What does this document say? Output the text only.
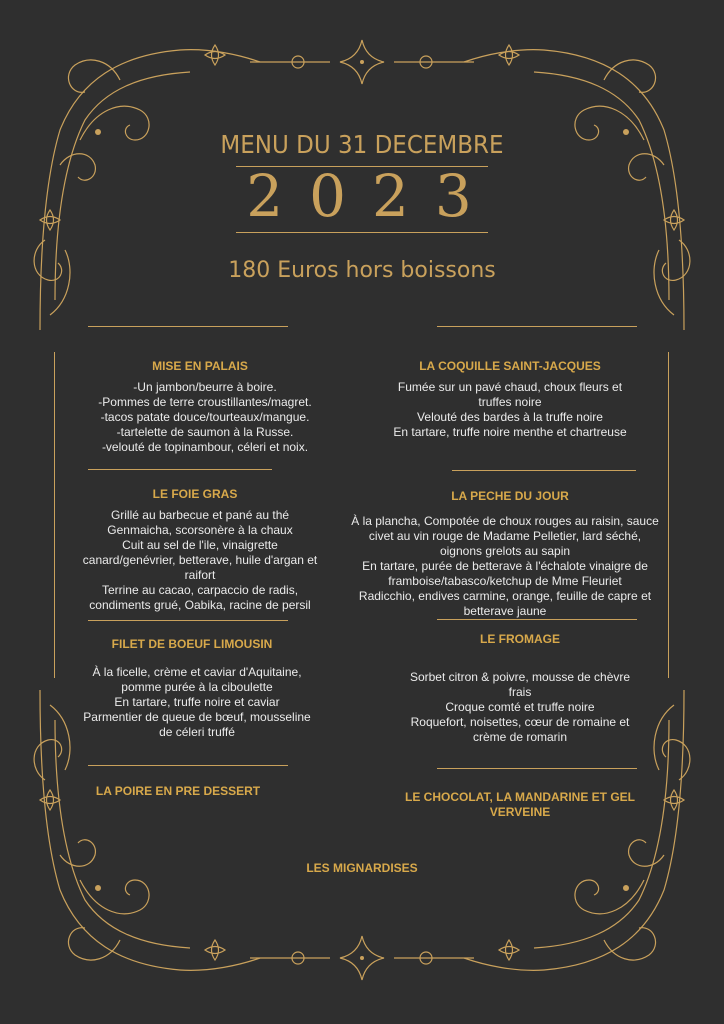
MENU DU 31 DECEMBRE
2023
180 Euros hors boissons
MISE EN PALAIS
-Un jambon/beurre à boire.
-Pommes de terre croustillantes/magret.
-tacos patate douce/tourteaux/mangue.
-tartelette de saumon à la Russe.
-velouté de topinambour, céleri et noix.
LE FOIE GRAS
Grillé au barbecue et pané au thé
Genmaicha, scorsonère à la chaux
Cuit au sel de l'ile, vinaigrette
canard/genévrier, betterave, huile d'argan et
raifort
Terrine au cacao, carpaccio de radis,
condiments grué, Oabika, racine de persil
FILET DE BOEUF LIMOUSIN
À la ficelle, crème et caviar d'Aquitaine,
pomme purée à la ciboulette
En tartare, truffe noire et caviar
Parmentier de queue de bœuf, mousseline
de céleri truffé
LA POIRE EN PRE DESSERT
LA COQUILLE SAINT-JACQUES
Fumée sur un pavé chaud, choux fleurs et
truffes noire
Velouté des bardes à la truffe noire
En tartare, truffe noire menthe et chartreuse
LA PECHE DU JOUR
À la plancha, Compotée de choux rouges au raisin, sauce
civet au vin rouge de Madame Pelletier, lard séché,
oignons grelots au sapin
En tartare, purée de betterave à l'échalote vinaigre de
framboise/tabasco/ketchup de Mme Fleuriet
Radicchio, endives carmine, orange, feuille de capre et
betterave jaune
LE FROMAGE
Sorbet citron & poivre, mousse de chèvre
frais
Croque comté et truffe noire
Roquefort, noisettes, cœur de romaine et
crème de romarin
LE CHOCOLAT, LA MANDARINE ET GEL
VERVEINE
LES MIGNARDISES
